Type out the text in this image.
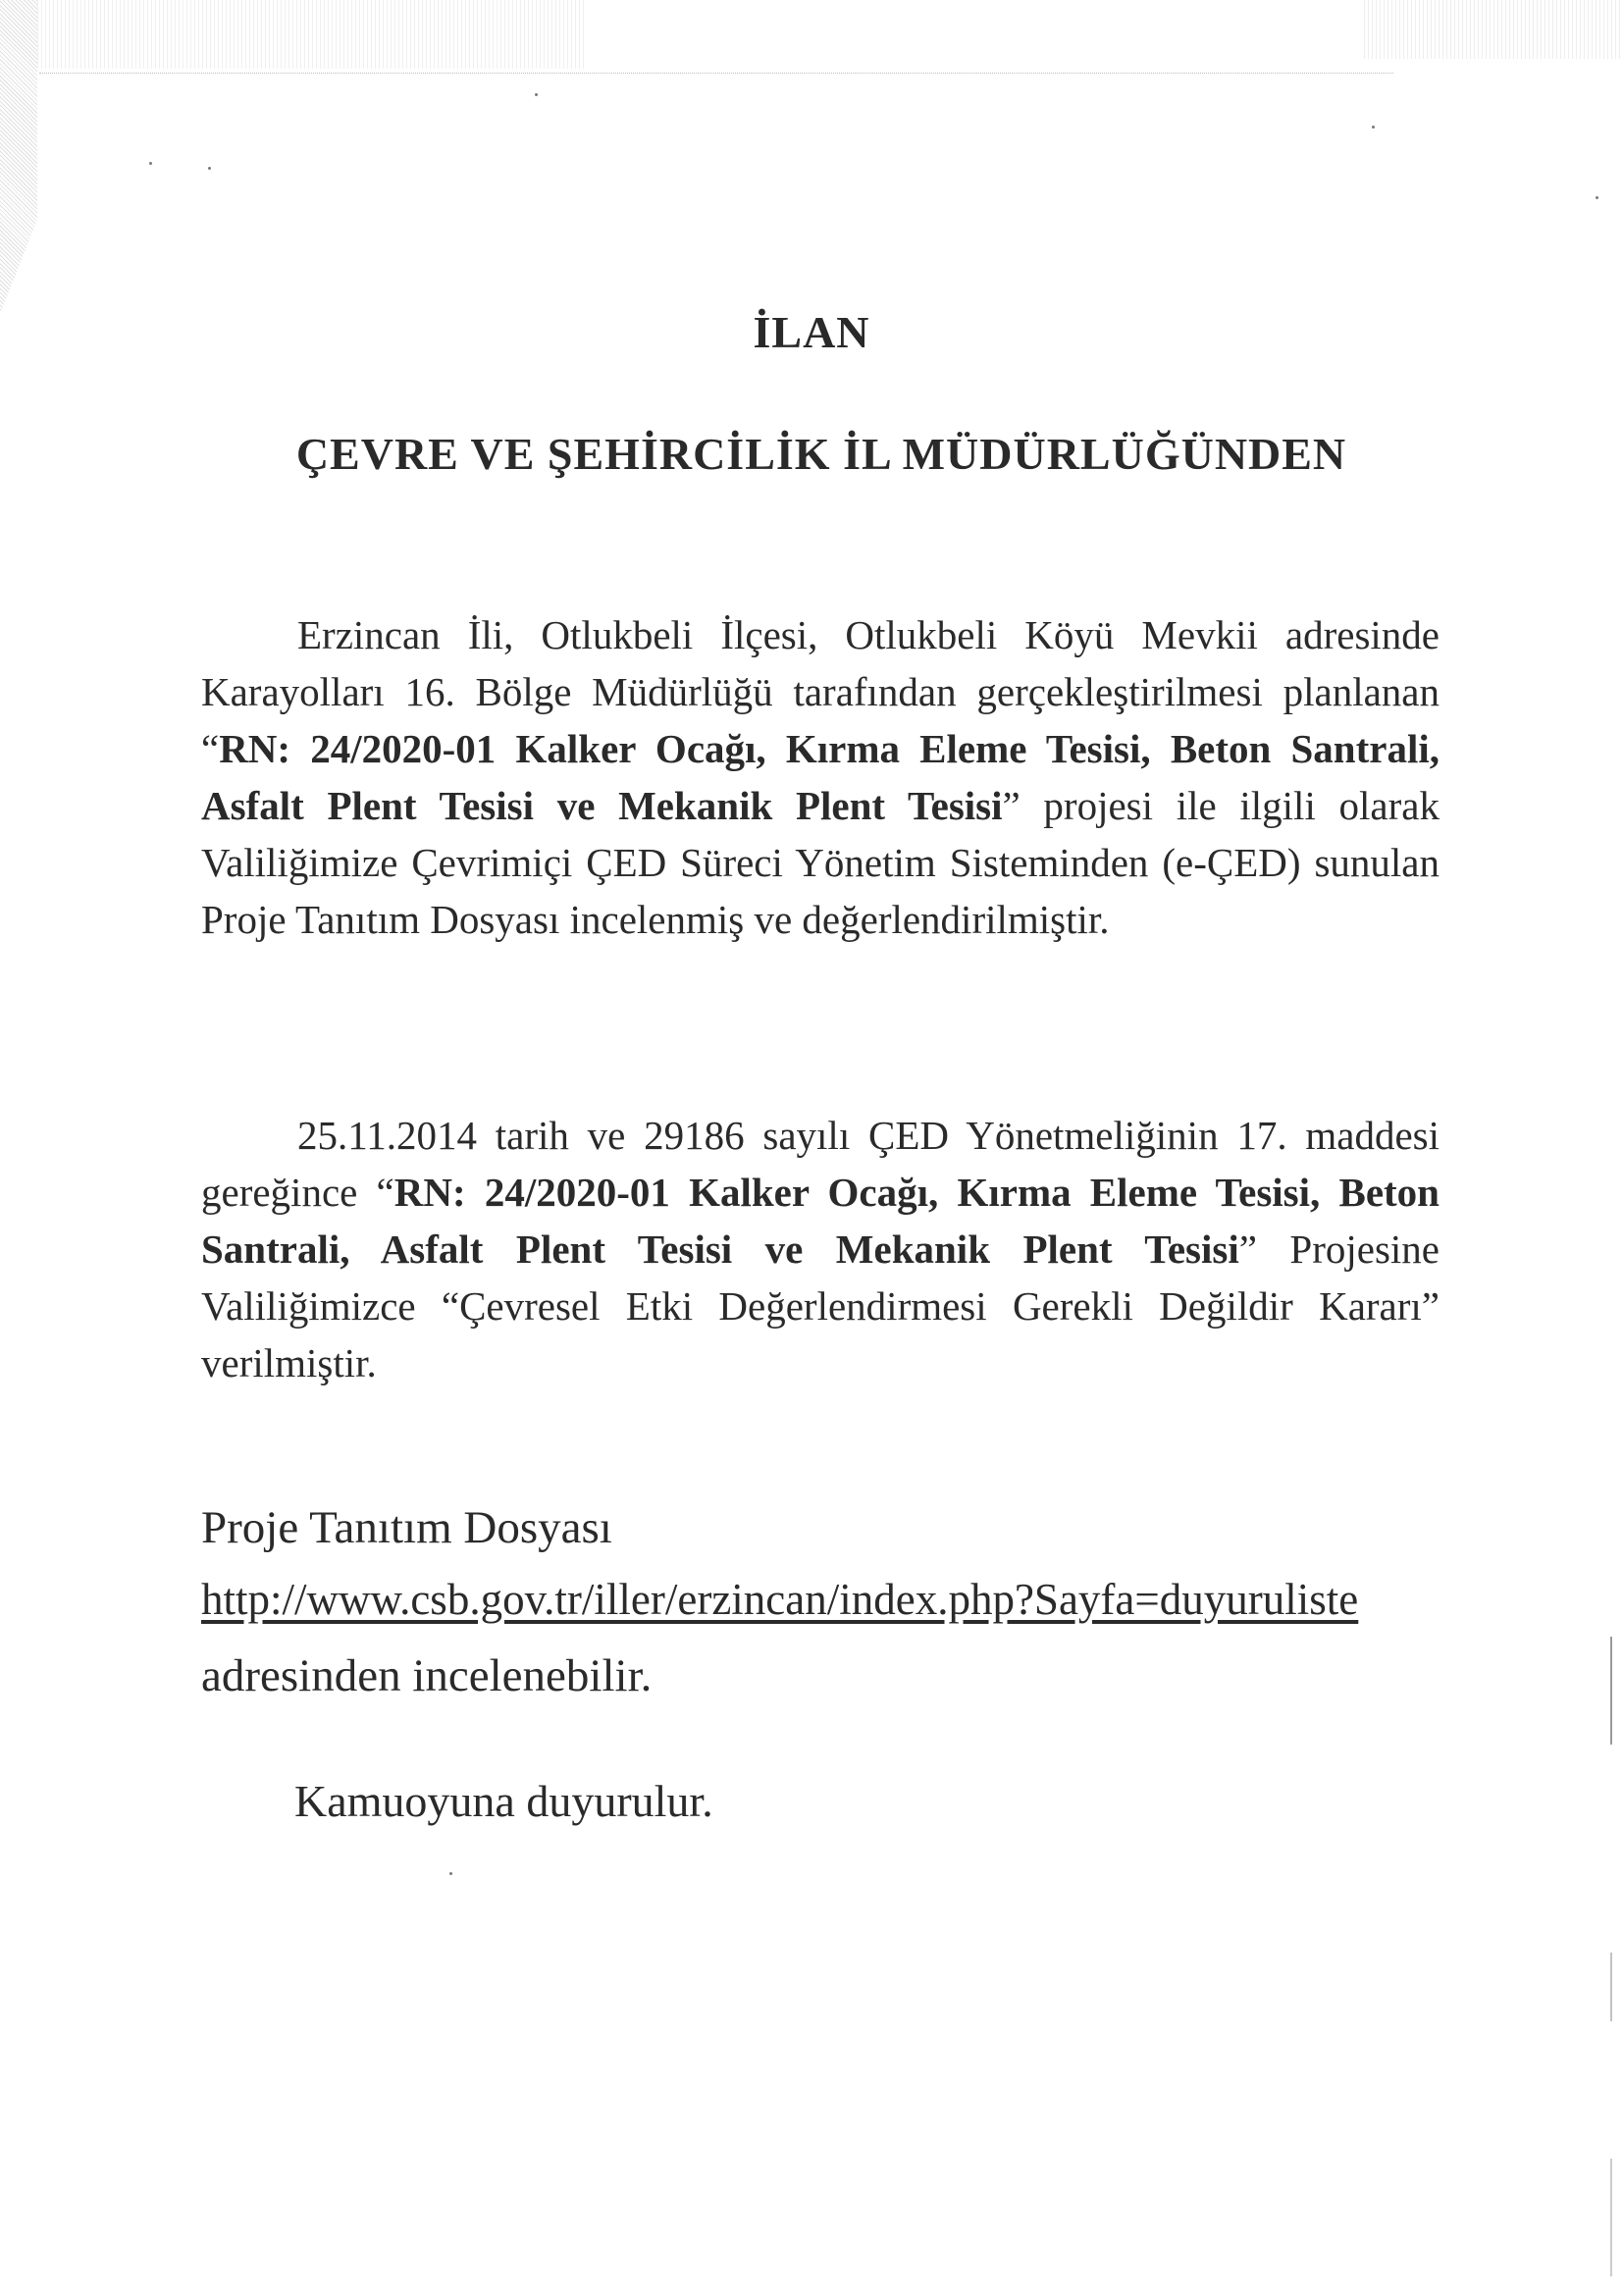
İLAN
ÇEVRE VE ŞEHİRCİLİK İL MÜDÜRLÜĞÜNDEN

Erzincan İli, Otlukbeli İlçesi, Otlukbeli Köyü Mevkii adresinde Karayolları 16. Bölge Müdürlüğü tarafından gerçekleştirilmesi planlanan “RN: 24/2020-01 Kalker Ocağı, Kırma Eleme Tesisi, Beton Santrali, Asfalt Plent Tesisi ve Mekanik Plent Tesisi” projesi ile ilgili olarak Valiliğimize Çevrimiçi ÇED Süreci Yönetim Sisteminden (e-ÇED) sunulan Proje Tanıtım Dosyası incelenmiş ve değerlendirilmiştir.

25.11.2014 tarih ve 29186 sayılı ÇED Yönetmeliğinin 17. maddesi gereğince “RN: 24/2020-01 Kalker Ocağı, Kırma Eleme Tesisi, Beton Santrali, Asfalt Plent Tesisi ve Mekanik Plent Tesisi” Projesine Valiliğimizce “Çevresel Etki Değerlendirmesi Gerekli Değildir Kararı” verilmiştir.

Proje Tanıtım Dosyası

http://www.csb.gov.tr/iller/erzincan/index.php?Sayfa=duyuruliste

adresinden incelenebilir.

Kamuoyuna duyurulur.
